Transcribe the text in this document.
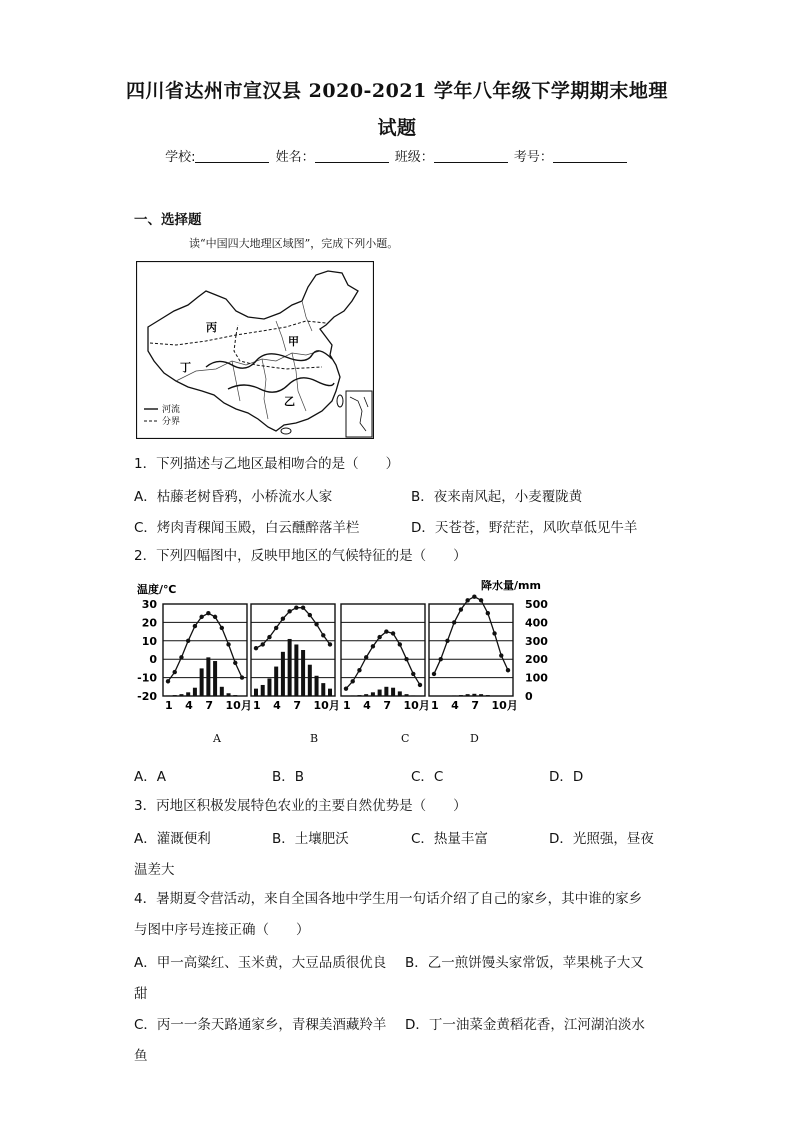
四川省达州市宣汉县 2020-2021 学年八年级下学期期末地理
试题
学校:	姓名：	班级：	考号：
一、选择题
读“中国四大地理区域图”，完成下列小题。
丙
甲
丁
乙
河流
分界
1．下列描述与乙地区最相吻合的是（　　）
A．枯藤老树昏鸦，小桥流水人家	B．夜来南风起，小麦覆陇黄
C．烤肉青稞闻玉殿，白云醺醉落羊栏	D．天苍苍，野茫茫，风吹草低见牛羊
2．下列四幅图中，反映甲地区的气候特征的是（　　）
温度/℃	降水量/mm
30
20
10
0
-10
-20
500
400
300
200
100
0
1 4 7 10月 1 4 7 10月 1 4 7 10月 1 4 7 10月
A	B	C	D
A．A	B．B	C．C	D．D
3．丙地区积极发展特色农业的主要自然优势是（　　）
A．灌溉便利	B．土壤肥沃	C．热量丰富	D．光照强，昼夜
温差大
4．暑期夏令营活动，来自全国各地中学生用一句话介绍了自己的家乡，其中谁的家乡
与图中序号连接正确（　　）
A．甲一高粱红、玉米黄，大豆品质很优良 B．乙一煎饼馒头家常饭，苹果桃子大又
甜
C．丙一一条天路通家乡，青稞美酒藏羚羊 D．丁一油菜金黄稻花香，江河湖泊淡水
鱼
